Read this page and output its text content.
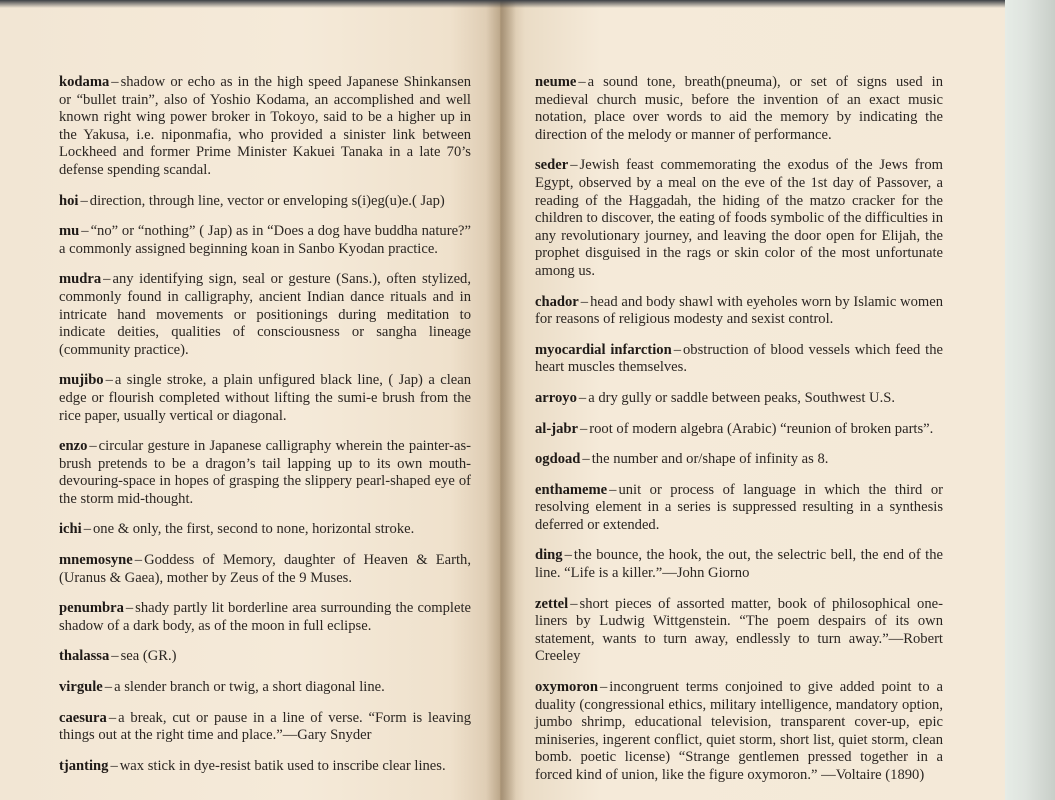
kodama – shadow or echo as in the high speed Japanese Shinkansen or “bullet train”, also of Yoshio Kodama, an accomplished and well known right wing power broker in Tokoyo, said to be a higher up in the Yakusa, i.e. niponmafia, who provided a sinister link between Lockheed and former Prime Minister Kakuei Tanaka in a late 70’s defense spending scandal.

hoi – direction, through line, vector or enveloping s(i)eg(u)e.( Jap)

mu – “no” or “nothing” ( Jap) as in “Does a dog have buddha nature?” a commonly assigned beginning koan in Sanbo Kyodan practice.

mudra – any identifying sign, seal or gesture (Sans.), often stylized, commonly found in calligraphy, ancient Indian dance rituals and in intricate hand movements or positionings during meditation to indicate deities, qualities of consciousness or sangha lineage (community practice).

mujibo – a single stroke, a plain unfigured black line, ( Jap) a clean edge or flourish completed without lifting the sumi-e brush from the rice paper, usually vertical or diagonal.

enzo – circular gesture in Japanese calligraphy wherein the painter-as-brush pretends to be a dragon’s tail lapping up to its own mouth-devouring-space in hopes of grasping the slippery pearl-shaped eye of the storm mid-thought.

ichi – one & only, the first, second to none, horizontal stroke.

mnemosyne – Goddess of Memory, daughter of Heaven & Earth, (Uranus & Gaea), mother by Zeus of the 9 Muses.

penumbra – shady partly lit borderline area surrounding the complete shadow of a dark body, as of the moon in full eclipse.

thalassa – sea (GR.)

virgule – a slender branch or twig, a short diagonal line.

caesura – a break, cut or pause in a line of verse. “Form is leaving things out at the right time and place.”—Gary Snyder

tjanting – wax stick in dye-resist batik used to inscribe clear lines.

neume – a sound tone, breath(pneuma), or set of signs used in medieval church music, before the invention of an exact music notation, place over words to aid the memory by indicating the direction of the melody or manner of performance.

seder – Jewish feast commemorating the exodus of the Jews from Egypt, observed by a meal on the eve of the 1st day of Passover, a reading of the Haggadah, the hiding of the matzo cracker for the children to discover, the eating of foods symbolic of the difficulties in any revolutionary journey, and leaving the door open for Elijah, the prophet disguised in the rags or skin color of the most unfortunate among us.

chador – head and body shawl with eyeholes worn by Islamic women for reasons of religious modesty and sexist control.

myocardial infarction – obstruction of blood vessels which feed the heart muscles themselves.

arroyo – a dry gully or saddle between peaks, Southwest U.S.

al-jabr – root of modern algebra (Arabic) “reunion of broken parts”.

ogdoad – the number and or/shape of infinity as 8.

enthameme – unit or process of language in which the third or resolving element in a series is suppressed resulting in a synthesis deferred or extended.

ding – the bounce, the hook, the out, the selectric bell, the end of the line. “Life is a killer.”—John Giorno

zettel – short pieces of assorted matter, book of philosophical one-liners by Ludwig Wittgenstein. “The poem despairs of its own statement, wants to turn away, endlessly to turn away.”—Robert Creeley

oxymoron – incongruent terms conjoined to give added point to a duality (congressional ethics, military intelligence, mandatory option, jumbo shrimp, educational television, transparent cover-up, epic miniseries, ingerent conflict, quiet storm, short list, quiet storm, clean bomb. poetic license) “Strange gentlemen pressed together in a forced kind of union, like the figure oxymoron.” —Voltaire (1890)
